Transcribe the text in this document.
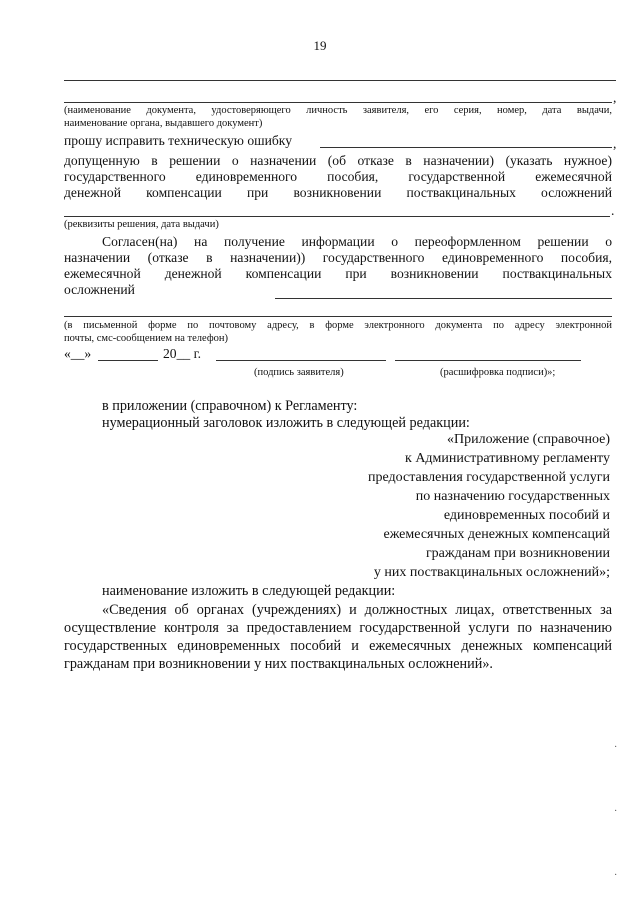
19
,
(наименование документа, удостоверяющего личность заявителя, его серия, номер, дата выдачи,
наименование органа, выдавшего документ)
прошу исправить техническую ошибку	,
допущенную в решении о назначении (об отказе в назначении) (указать нужное)
государственного единовременного пособия, государственной ежемесячной
денежной компенсации при возникновении поствакцинальных осложнений
.
(реквизиты решения, дата выдачи)
Согласен(на) на получение информации о переоформленном решении о
назначении (отказе в назначении)) государственного единовременного пособия,
ежемесячной денежной компенсации при возникновении поствакцинальных
осложнений
(в письменной форме по почтовому адресу, в форме электронного документа по адресу электронной
почты, смс-сообщением на телефон)
«__»	20__ г.
(подпись заявителя)	(расшифровка подписи)»;
в приложении (справочном) к Регламенту:
нумерационный заголовок изложить в следующей редакции:
«Приложение (справочное)
к Административному регламенту
предоставления государственной услуги
по назначению государственных
единовременных пособий и
ежемесячных денежных компенсаций
гражданам при возникновении
у них поствакцинальных осложнений»;
наименование изложить в следующей редакции:
«Сведения об органах (учреждениях) и должностных лицах, ответственных за
осуществление контроля за предоставлением государственной услуги по назначению
государственных единовременных пособий и ежемесячных денежных компенсаций
гражданам при возникновении у них поствакцинальных осложнений».
·
·
·
